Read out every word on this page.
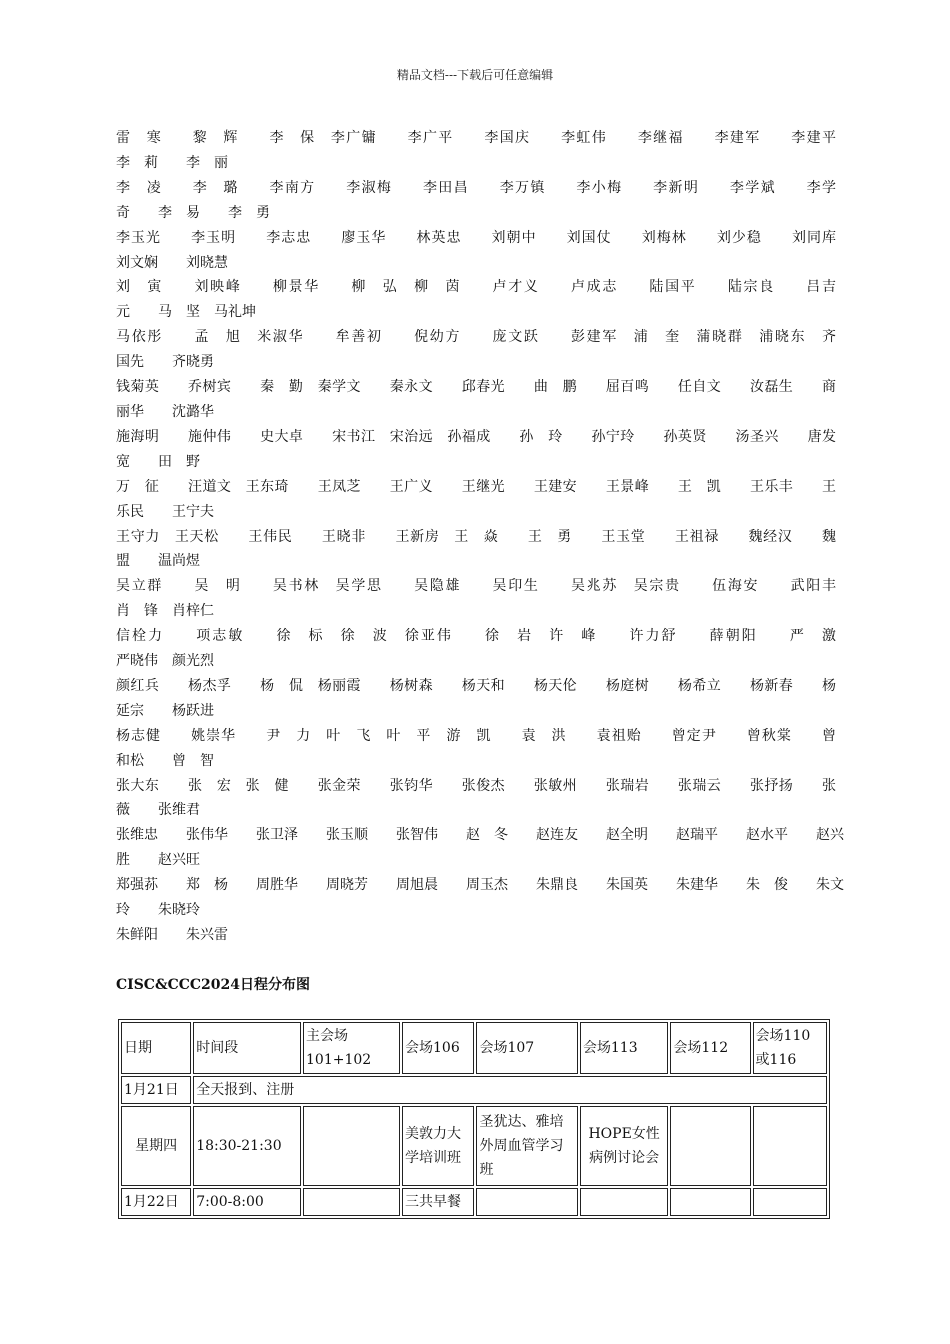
精品文档---下载后可任意编辑
雷　寒　　黎　辉　　李　保　李广镛　　李广平　　李国庆　　李虹伟　　李继福　　李建军　　李建平
李　莉　　李　丽
李　凌　　李　璐　　李南方　　李淑梅　　李田昌　　李万镇　　李小梅　　李新明　　李学斌　　李学
奇　　李　易　　李　勇
李玉光　　李玉明　　李志忠　　廖玉华　　林英忠　　刘朝中　　刘国仗　　刘梅林　　刘少稳　　刘同库
刘文娴　　刘晓慧
刘　寅　　刘映峰　　柳景华　　柳　弘　柳　茵　　卢才义　　卢成志　　陆国平　　陆宗良　　吕吉
元　　马　坚　马礼坤
马依彤　　孟　旭　米淑华　　牟善初　　倪幼方　　庞文跃　　彭建军　浦　奎　蒲晓群　浦晓东　齐
国先　　齐晓勇
钱菊英　　乔树宾　　秦　勤　秦学文　　秦永文　　邱春光　　曲　鹏　　屈百鸣　　任自文　　汝磊生　　商
丽华　　沈潞华
施海明　　施仲伟　　史大卓　　宋书江　宋治远　孙福成　　孙　玲　　孙宁玲　　孙英贤　　汤圣兴　　唐发
宽　　田　野
万　征　　汪道文　王东琦　　王凤芝　　王广义　　王继光　　王建安　　王景峰　　王　凯　　王乐丰　　王
乐民　　王宁夫
王守力　王天松　　王伟民　　王晓非　　王新房　王　焱　　王　勇　　王玉堂　　王祖禄　　魏经汉　　魏
盟　　温尚煜
吴立群　　吴　明　　吴书林　吴学思　　吴隐雄　　吴印生　　吴兆苏　吴宗贵　　伍海安　　武阳丰
肖　锋　肖梓仁
信栓力　　项志敏　　徐　标　徐　波　徐亚伟　　徐　岩　许　峰　　许力舒　　薛朝阳　　严　激
严晓伟　颜光烈
颜红兵　　杨杰孚　　杨　侃　杨丽霞　　杨树森　　杨天和　　杨天伦　　杨庭树　　杨希立　　杨新春　　杨
延宗　　杨跃进
杨志健　　姚崇华　　尹　力　叶　飞　叶　平　游　凯　　袁　洪　　袁祖贻　　曾定尹　　曾秋棠　　曾
和松　　曾　智
张大东　　张　宏　张　健　　张金荣　　张钧华　　张俊杰　　张敏州　　张瑞岩　　张瑞云　　张抒扬　　张
薇　　张维君
张维忠　　张伟华　　张卫泽　　张玉顺　　张智伟　　赵　冬　　赵连友　　赵全明　　赵瑞平　　赵水平　　赵兴
胜　　赵兴旺
郑强荪　　郑　杨　　周胜华　　周晓芳　　周旭晨　　周玉杰　　朱鼎良　　朱国英　　朱建华　　朱　俊　　朱文
玲　　朱晓玲
朱鲜阳　　朱兴雷
CISC&CCC2024日程分布图
日期	时间段	主会场101+102	会场106	会场107	会场113	会场112	会场110或116
1月21日	全天报到、注册						
星期四	18:30-21:30		美敦力大学培训班	圣犹达、雅培外周血管学习班	HOPE女性病例讨论会		
1月22日	7:00-8:00		三共早餐				
